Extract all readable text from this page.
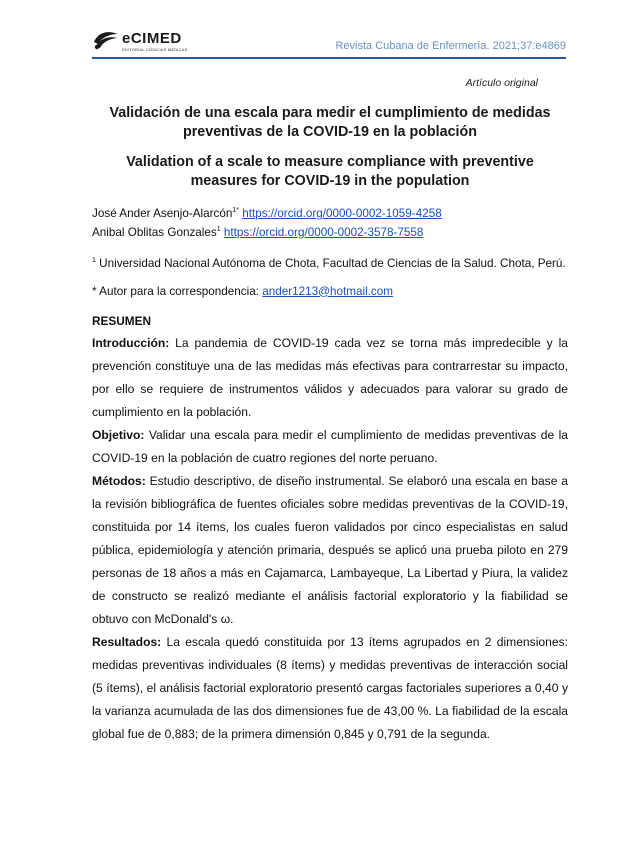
eCIMED
EDITORIAL CIENCIAS MÉDICAS	Revista Cubana de Enfermería. 2021;37:e4869
Artículo original
Validación de una escala para medir el cumplimiento de medidas preventivas de la COVID-19 en la población
Validation of a scale to measure compliance with preventive measures for COVID-19 in the population

José Ander Asenjo-Alarcón$^{1*}$ https://orcid.org/0000-0002-1059-4258

Anibal Oblitas Gonzales$^1$ https://orcid.org/0000-0002-3578-7558

$^1$ Universidad Nacional Autónoma de Chota, Facultad de Ciencias de la Salud. Chota, Perú.

* Autor para la correspondencia: ander1213@hotmail.com

RESUMEN

Introducción: La pandemia de COVID-19 cada vez se torna más impredecible y la prevención constituye una de las medidas más efectivas para contrarrestar su impacto, por ello se requiere de instrumentos válidos y adecuados para valorar su grado de cumplimiento en la población.

Objetivo: Validar una escala para medir el cumplimiento de medidas preventivas de la COVID-19 en la población de cuatro regiones del norte peruano.

Métodos: Estudio descriptivo, de diseño instrumental. Se elaboró una escala en base a la revisión bibliográfica de fuentes oficiales sobre medidas preventivas de la COVID-19, constituida por 14 ítems, los cuales fueron validados por cinco especialistas en salud pública, epidemiología y atención primaria, después se aplicó una prueba piloto en 279 personas de 18 años a más en Cajamarca, Lambayeque, La Libertad y Piura, la validez de constructo se realizó mediante el análisis factorial exploratorio y la fiabilidad se obtuvo con McDonald's ω.

Resultados: La escala quedó constituida por 13 ítems agrupados en 2 dimensiones: medidas preventivas individuales (8 ítems) y medidas preventivas de interacción social (5 ítems), el análisis factorial exploratorio presentó cargas factoriales superiores a 0,40 y la varianza acumulada de las dos dimensiones fue de 43,00 %. La fiabilidad de la escala global fue de 0,883; de la primera dimensión 0,845 y 0,791 de la segunda.
